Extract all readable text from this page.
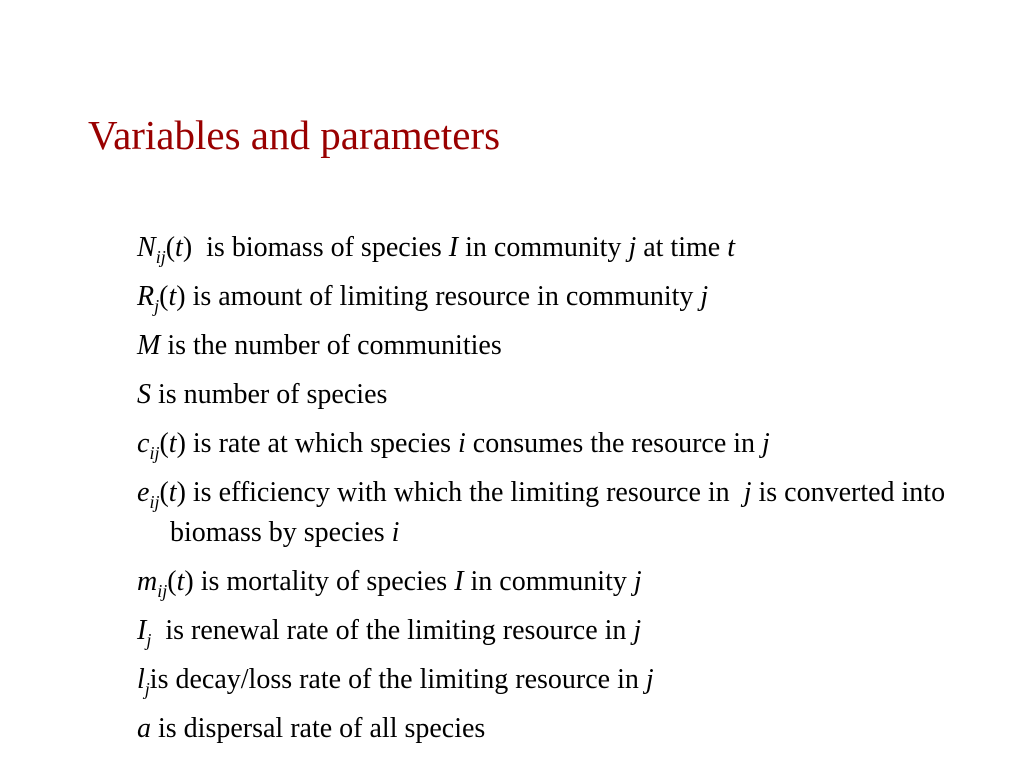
Variables and parameters
$N_{ij}(t)$  is biomass of species I in community j at time t
$R_j(t)$ is amount of limiting resource in community j
M is the number of communities
S is number of species
$c_{ij}(t)$ is rate at which species i consumes the resource in j
$e_{ij}(t)$ is efficiency with which the limiting resource in  j is converted into biomass by species i
$m_{ij}(t)$ is mortality of species I in community j
$I_j$  is renewal rate of the limiting resource in j
$l_jis$ decay/loss rate of the limiting resource in j
a is dispersal rate of all species
